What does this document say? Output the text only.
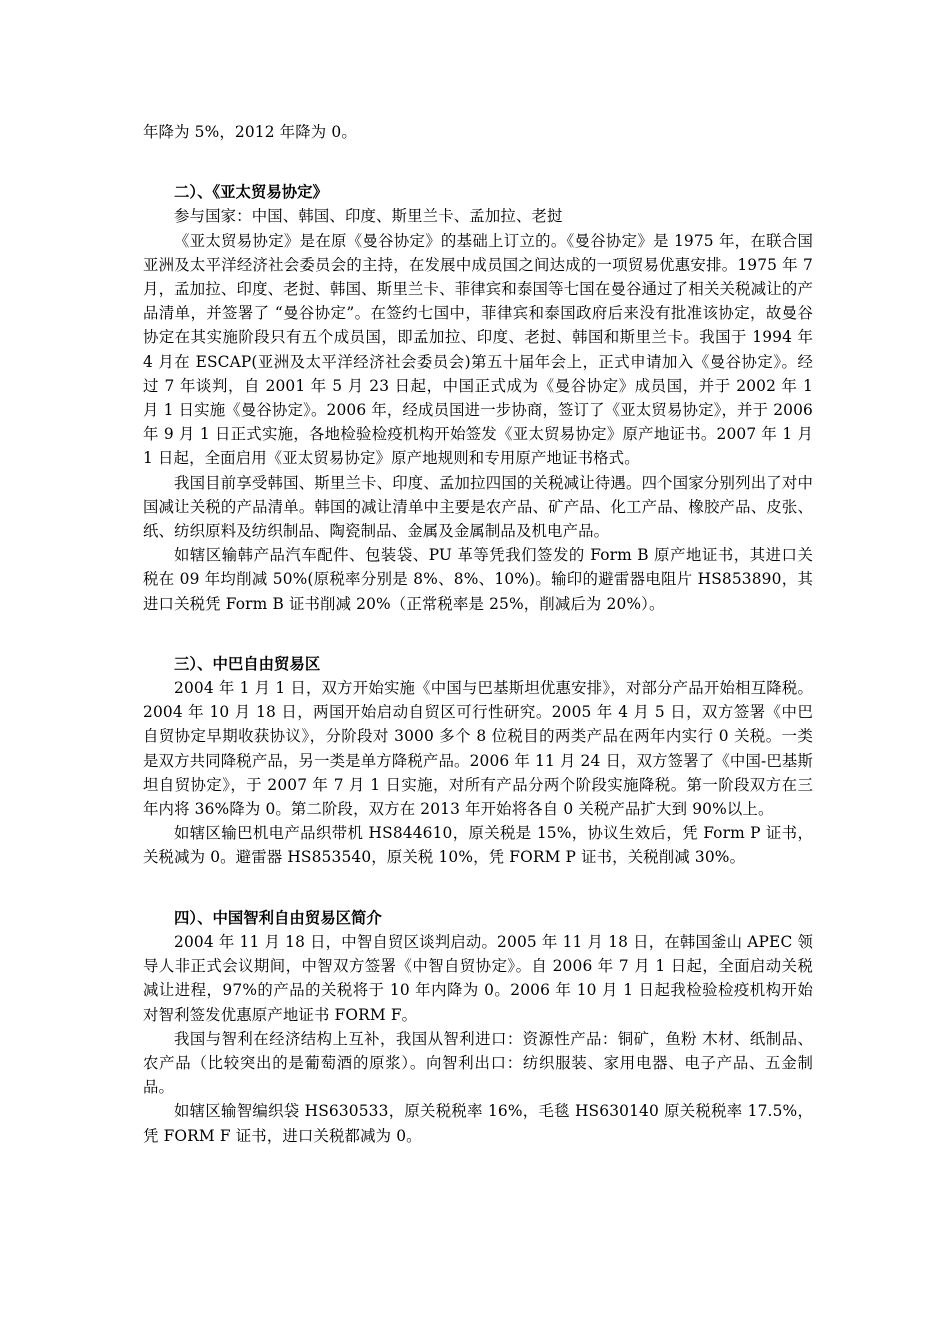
年降为 5%，2012 年降为 0。

二）、《亚太贸易协定》

参与国家：中国、韩国、印度、斯里兰卡、孟加拉、老挝

《亚太贸易协定》是在原《曼谷协定》的基础上订立的。《曼谷协定》是 1975 年，在联合国亚洲及太平洋经济社会委员会的主持，在发展中成员国之间达成的一项贸易优惠安排。1975 年 7 月，孟加拉、印度、老挝、韩国、斯里兰卡、菲律宾和泰国等七国在曼谷通过了相关关税减让的产品清单，并签署了 “曼谷协定”。在签约七国中，菲律宾和泰国政府后来没有批准该协定，故曼谷协定在其实施阶段只有五个成员国，即孟加拉、印度、老挝、韩国和斯里兰卡。我国于 1994 年 4 月在 ESCAP(亚洲及太平洋经济社会委员会)第五十届年会上，正式申请加入《曼谷协定》。经过 7 年谈判，自 2001 年 5 月 23 日起，中国正式成为《曼谷协定》成员国，并于 2002 年 1 月 1 日实施《曼谷协定》。2006 年，经成员国进一步协商，签订了《亚太贸易协定》，并于 2006 年 9 月 1 日正式实施，各地检验检疫机构开始签发《亚太贸易协定》原产地证书。2007 年 1 月 1 日起，全面启用《亚太贸易协定》原产地规则和专用原产地证书格式。

我国目前享受韩国、斯里兰卡、印度、孟加拉四国的关税减让待遇。四个国家分别列出了对中国减让关税的产品清单。韩国的减让清单中主要是农产品、矿产品、化工产品、橡胶产品、皮张、纸、纺织原料及纺织制品、陶瓷制品、金属及金属制品及机电产品。

如辖区输韩产品汽车配件、包装袋、PU 革等凭我们签发的 Form B 原产地证书，其进口关税在 09 年均削减 50%(原税率分别是 8%、8%、10%)。输印的避雷器电阻片 HS853890，其进口关税凭 Form B 证书削减 20%（正常税率是 25%，削减后为 20%）。

三）、中巴自由贸易区

2004 年 1 月 1 日，双方开始实施《中国与巴基斯坦优惠安排》，对部分产品开始相互降税。2004 年 10 月 18 日，两国开始启动自贸区可行性研究。2005 年 4 月 5 日，双方签署《中巴自贸协定早期收获协议》，分阶段对 3000 多个 8 位税目的两类产品在两年内实行 0 关税。一类是双方共同降税产品，另一类是单方降税产品。2006 年 11 月 24 日，双方签署了《中国-巴基斯坦自贸协定》，于 2007 年 7 月 1 日实施，对所有产品分两个阶段实施降税。第一阶段双方在三年内将 36%降为 0。第二阶段，双方在 2013 年开始将各自 0 关税产品扩大到 90%以上。

如辖区输巴机电产品织带机 HS844610，原关税是 15%，协议生效后，凭 Form P 证书，关税减为 0。避雷器 HS853540，原关税 10%，凭 FORM P 证书，关税削减 30%。

四）、中国智利自由贸易区简介

2004 年 11 月 18 日，中智自贸区谈判启动。2005 年 11 月 18 日，在韩国釜山 APEC 领导人非正式会议期间，中智双方签署《中智自贸协定》。自 2006 年 7 月 1 日起，全面启动关税减让进程，97%的产品的关税将于 10 年内降为 0。2006 年 10 月 1 日起我检验检疫机构开始对智利签发优惠原产地证书 FORM F。

我国与智利在经济结构上互补，我国从智利进口：资源性产品：铜矿，鱼粉 木材、纸制品、农产品（比较突出的是葡萄酒的原浆）。向智利出口：纺织服装、家用电器、电子产品、五金制品。

如辖区输智编织袋 HS630533，原关税税率 16%，毛毯 HS630140 原关税税率 17.5%，凭 FORM F 证书，进口关税都减为 0。
